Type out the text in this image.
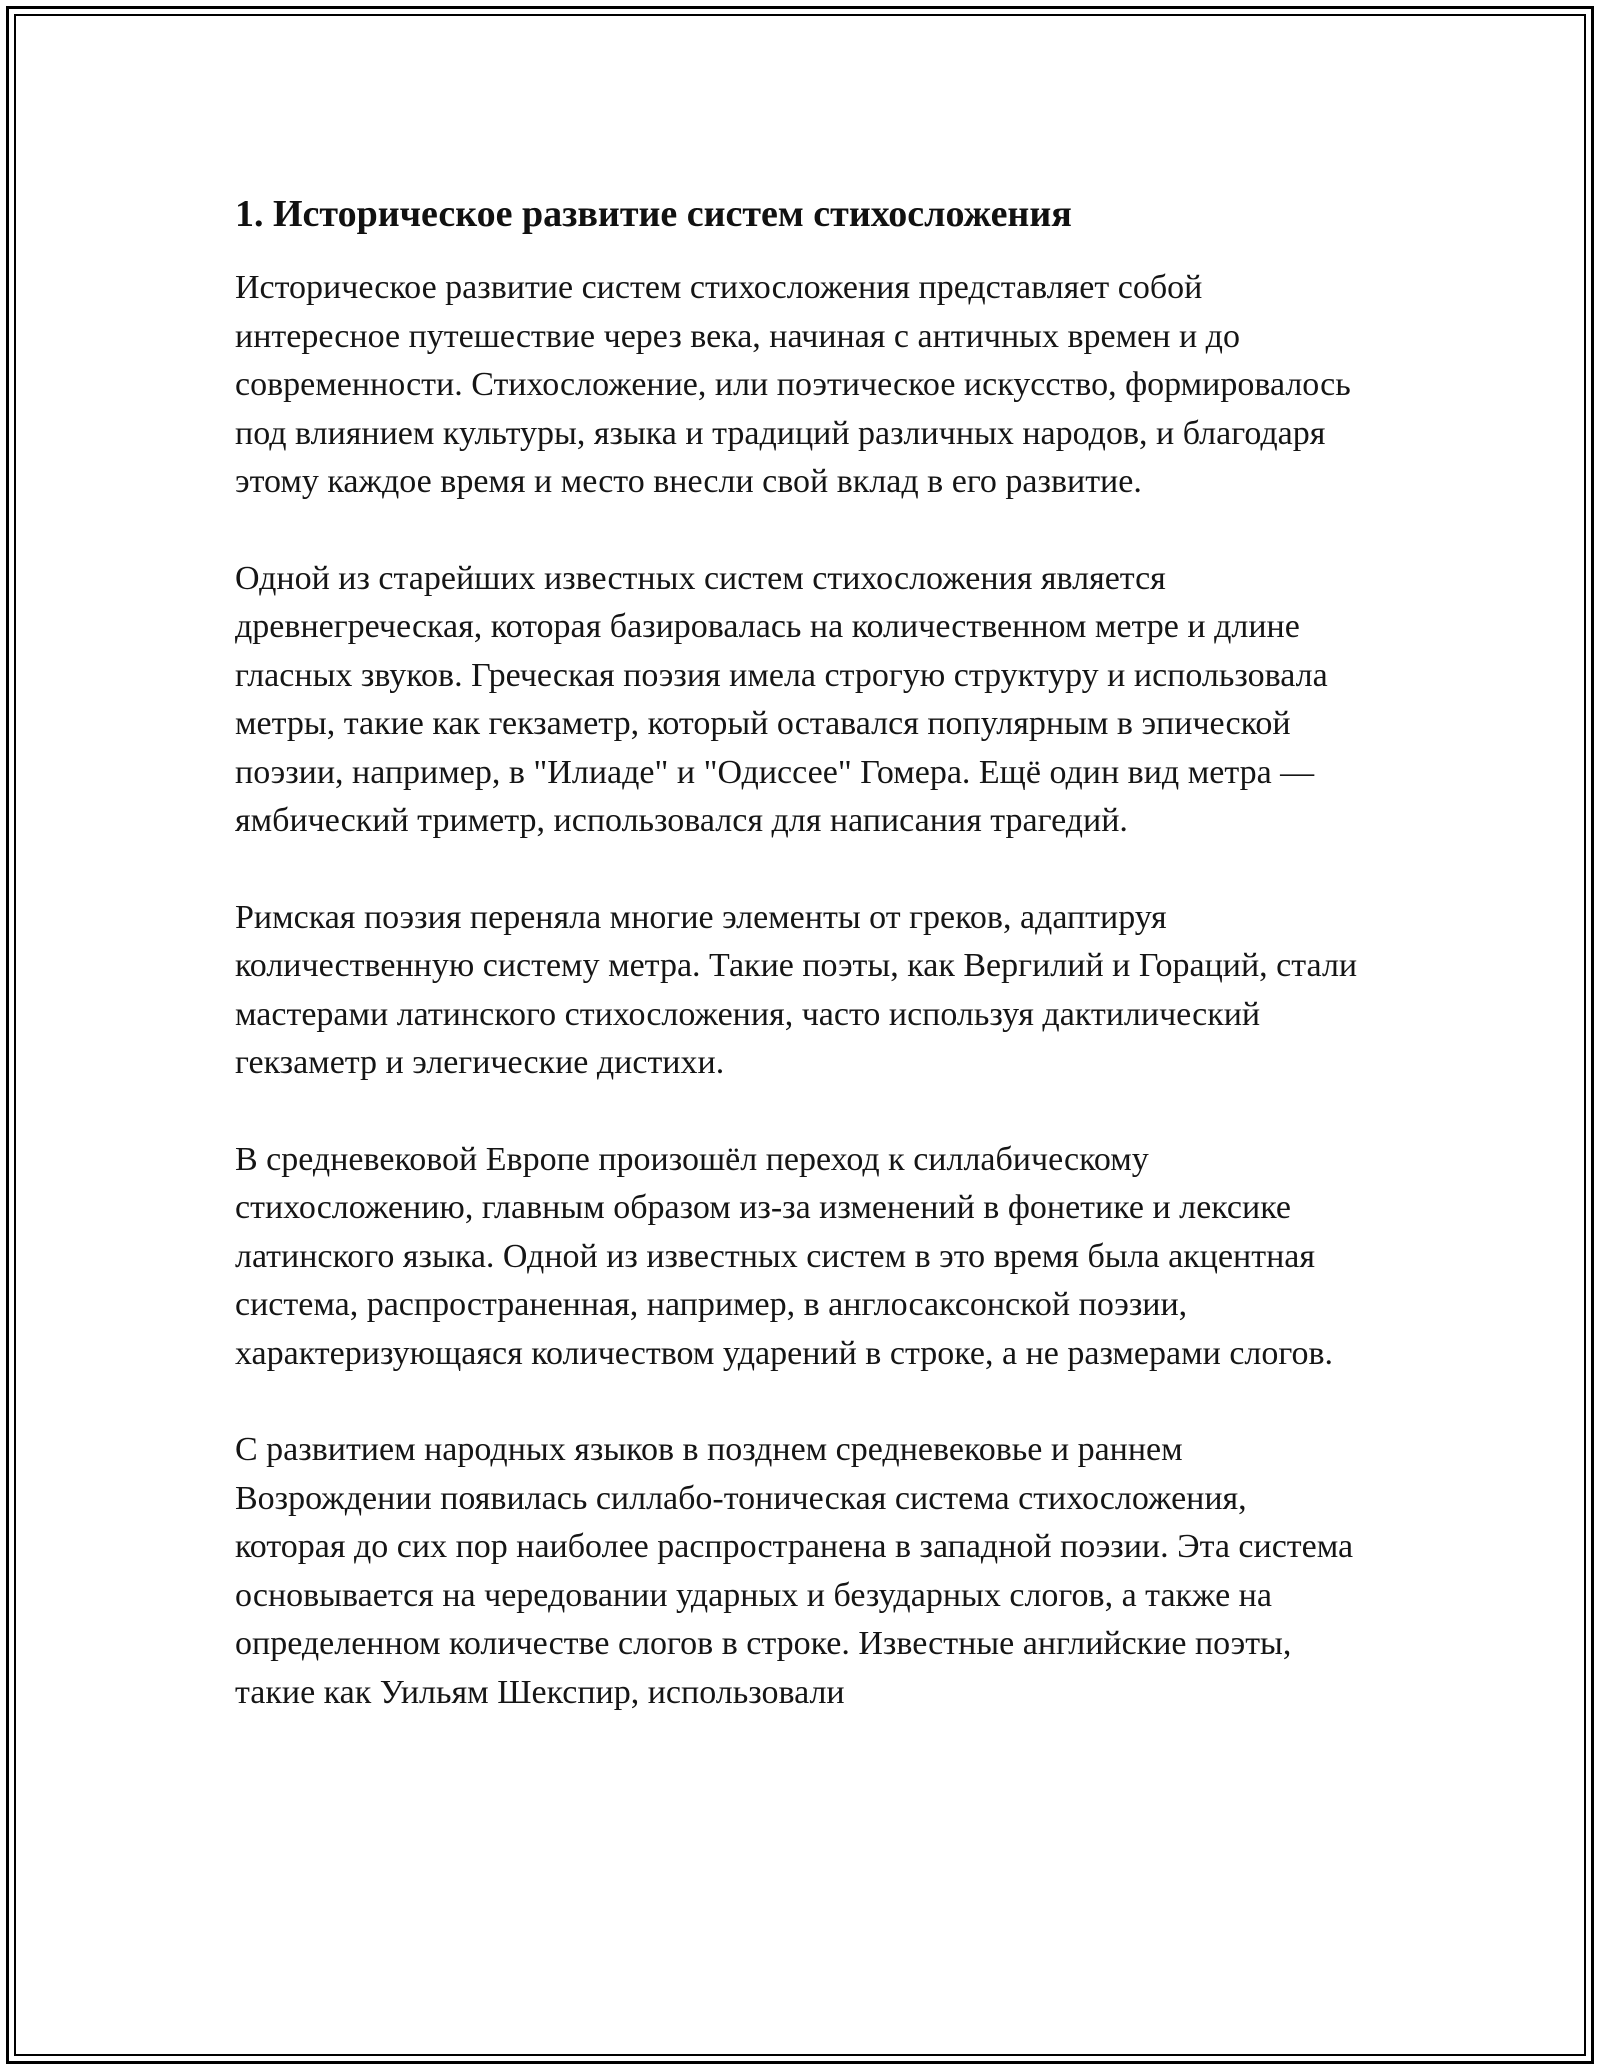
1. Историческое развитие систем стихосложения

Историческое развитие систем стихосложения представляет собой интересное путешествие через века, начиная с античных времен и до современности. Стихосложение, или поэтическое искусство, формировалось под влиянием культуры, языка и традиций различных народов, и благодаря этому каждое время и место внесли свой вклад в его развитие.

Одной из старейших известных систем стихосложения является древнегреческая, которая базировалась на количественном метре и длине гласных звуков. Греческая поэзия имела строгую структуру и использовала метры, такие как гекзаметр, который оставался популярным в эпической поэзии, например, в "Илиаде" и "Одиссее" Гомера. Ещё один вид метра — ямбический триметр, использовался для написания трагедий.

Римская поэзия переняла многие элементы от греков, адаптируя количественную систему метра. Такие поэты, как Вергилий и Гораций, стали мастерами латинского стихосложения, часто используя дактилический гекзаметр и элегические дистихи.

В средневековой Европе произошёл переход к силлабическому стихосложению, главным образом из-за изменений в фонетике и лексике латинского языка. Одной из известных систем в это время была акцентная система, распространенная, например, в англосаксонской поэзии, характеризующаяся количеством ударений в строке, а не размерами слогов.

С развитием народных языков в позднем средневековье и раннем Возрождении появилась силлабо-тоническая система стихосложения, которая до сих пор наиболее распространена в западной поэзии. Эта система основывается на чередовании ударных и безударных слогов, а также на определенном количестве слогов в строке. Известные английские поэты, такие как Уильям Шекспир, использовали
